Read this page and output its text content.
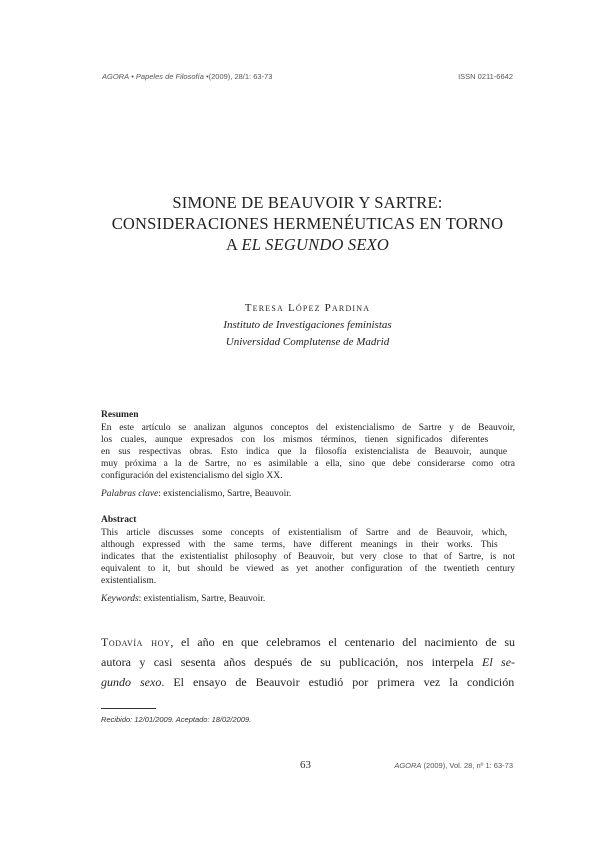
AGORA • Papeles de Filosofía •(2009), 28/1: 63-73	ISSN 0211-6642
SIMONE DE BEAUVOIR Y SARTRE:
CONSIDERACIONES HERMENÉUTICAS EN TORNO
A EL SEGUNDO SEXO
Teresa López Pardina
Instituto de Investigaciones feministas
Universidad Complutense de Madrid
Resumen
En este artículo se analizan algunos conceptos del existencialismo de Sartre y de Beauvoir,
los cuales, aunque expresados con los mismos términos, tienen significados diferentes
en sus respectivas obras. Esto indica que la filosofía existencialista de Beauvoir, aunque
muy próxima a la de Sartre, no es asimilable a ella, sino que debe considerarse como otra
configuración del existencialismo del siglo XX.
Palabras clave: existencialismo, Sartre, Beauvoir.
Abstract
This article discusses some concepts of existentialism of Sartre and de Beauvoir, which,
although expressed with the same terms, have different meanings in their works. This
indicates that the existentialist philosophy of Beauvoir, but very close to that of Sartre, is not
equivalent to it, but should be viewed as yet another configuration of the twentieth century
existentialism.
Keywords: existentialism, Sartre, Beauvoir.
Todavía hoy, el año en que celebramos el centenario del nacimiento de su
autora y casi sesenta años después de su publicación, nos interpela El se-
gundo sexo. El ensayo de Beauvoir estudió por primera vez la condición
Recibido: 12/01/2009. Aceptado: 18/02/2009.
63	AGORA (2009), Vol. 28, nº 1: 63-73
